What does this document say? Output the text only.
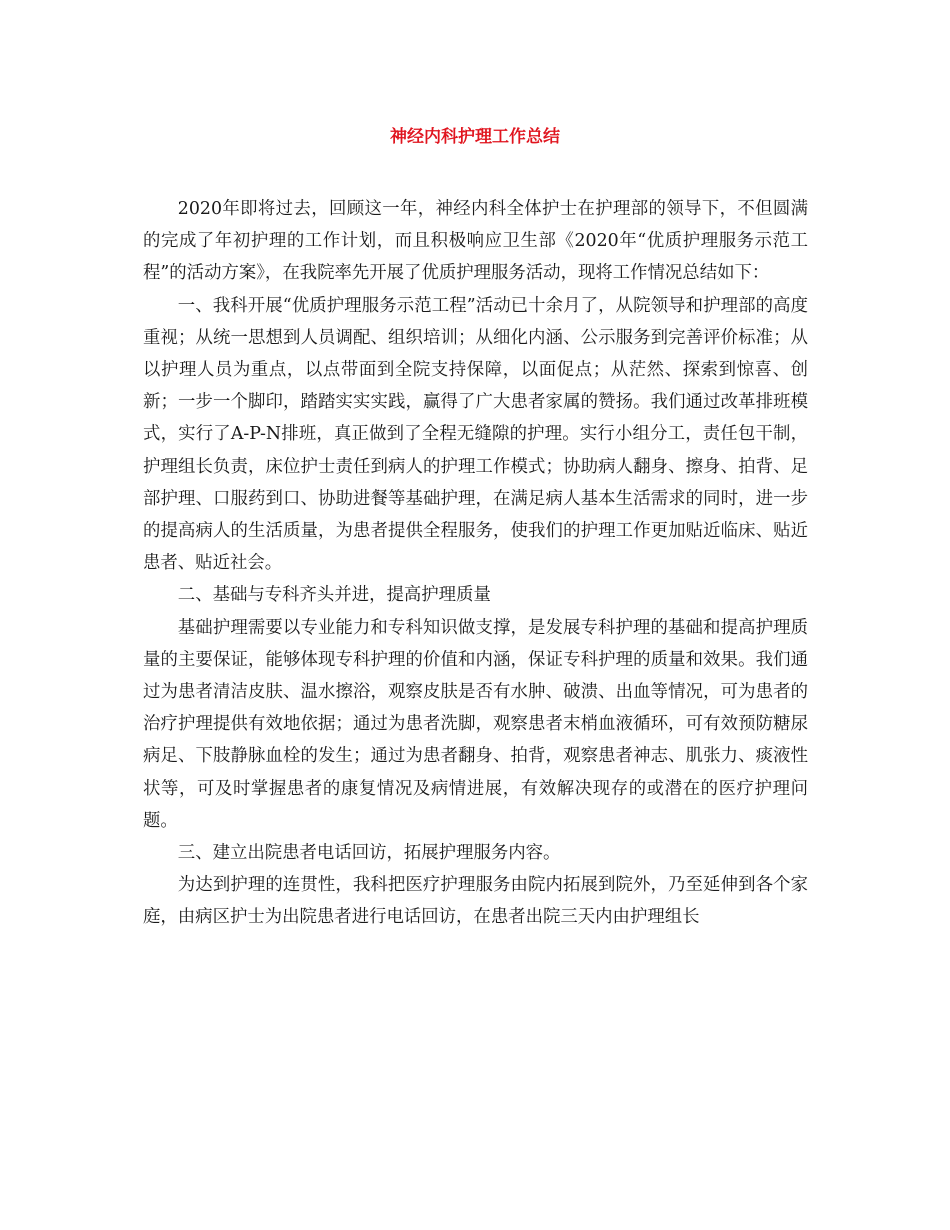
神经内科护理工作总结

2020年即将过去，回顾这一年，神经内科全体护士在护理部的领导下，不但圆满的完成了年初护理的工作计划，而且积极响应卫生部《2020年“优质护理服务示范工程”的活动方案》，在我院率先开展了优质护理服务活动，现将工作情况总结如下：

一、我科开展“优质护理服务示范工程”活动已十余月了，从院领导和护理部的高度重视；从统一思想到人员调配、组织培训；从细化内涵、公示服务到完善评价标准；从以护理人员为重点，以点带面到全院支持保障，以面促点；从茫然、探索到惊喜、创新；一步一个脚印，踏踏实实实践，赢得了广大患者家属的赞扬。我们通过改革排班模式，实行了A-P-N排班，真正做到了全程无缝隙的护理。实行小组分工，责任包干制，护理组长负责，床位护士责任到病人的护理工作模式；协助病人翻身、擦身、拍背、足部护理、口服药到口、协助进餐等基础护理，在满足病人基本生活需求的同时，进一步的提高病人的生活质量，为患者提供全程服务，使我们的护理工作更加贴近临床、贴近患者、贴近社会。

二、基础与专科齐头并进，提高护理质量

基础护理需要以专业能力和专科知识做支撑，是发展专科护理的基础和提高护理质量的主要保证，能够体现专科护理的价值和内涵，保证专科护理的质量和效果。我们通过为患者清洁皮肤、温水擦浴，观察皮肤是否有水肿、破溃、出血等情况，可为患者的治疗护理提供有效地依据；通过为患者洗脚，观察患者末梢血液循环，可有效预防糖尿病足、下肢静脉血栓的发生；通过为患者翻身、拍背，观察患者神志、肌张力、痰液性状等，可及时掌握患者的康复情况及病情进展，有效解决现存的或潜在的医疗护理问题。

三、建立出院患者电话回访，拓展护理服务内容。

为达到护理的连贯性，我科把医疗护理服务由院内拓展到院外，乃至延伸到各个家庭，由病区护士为出院患者进行电话回访，在患者出院三天内由护理组长
